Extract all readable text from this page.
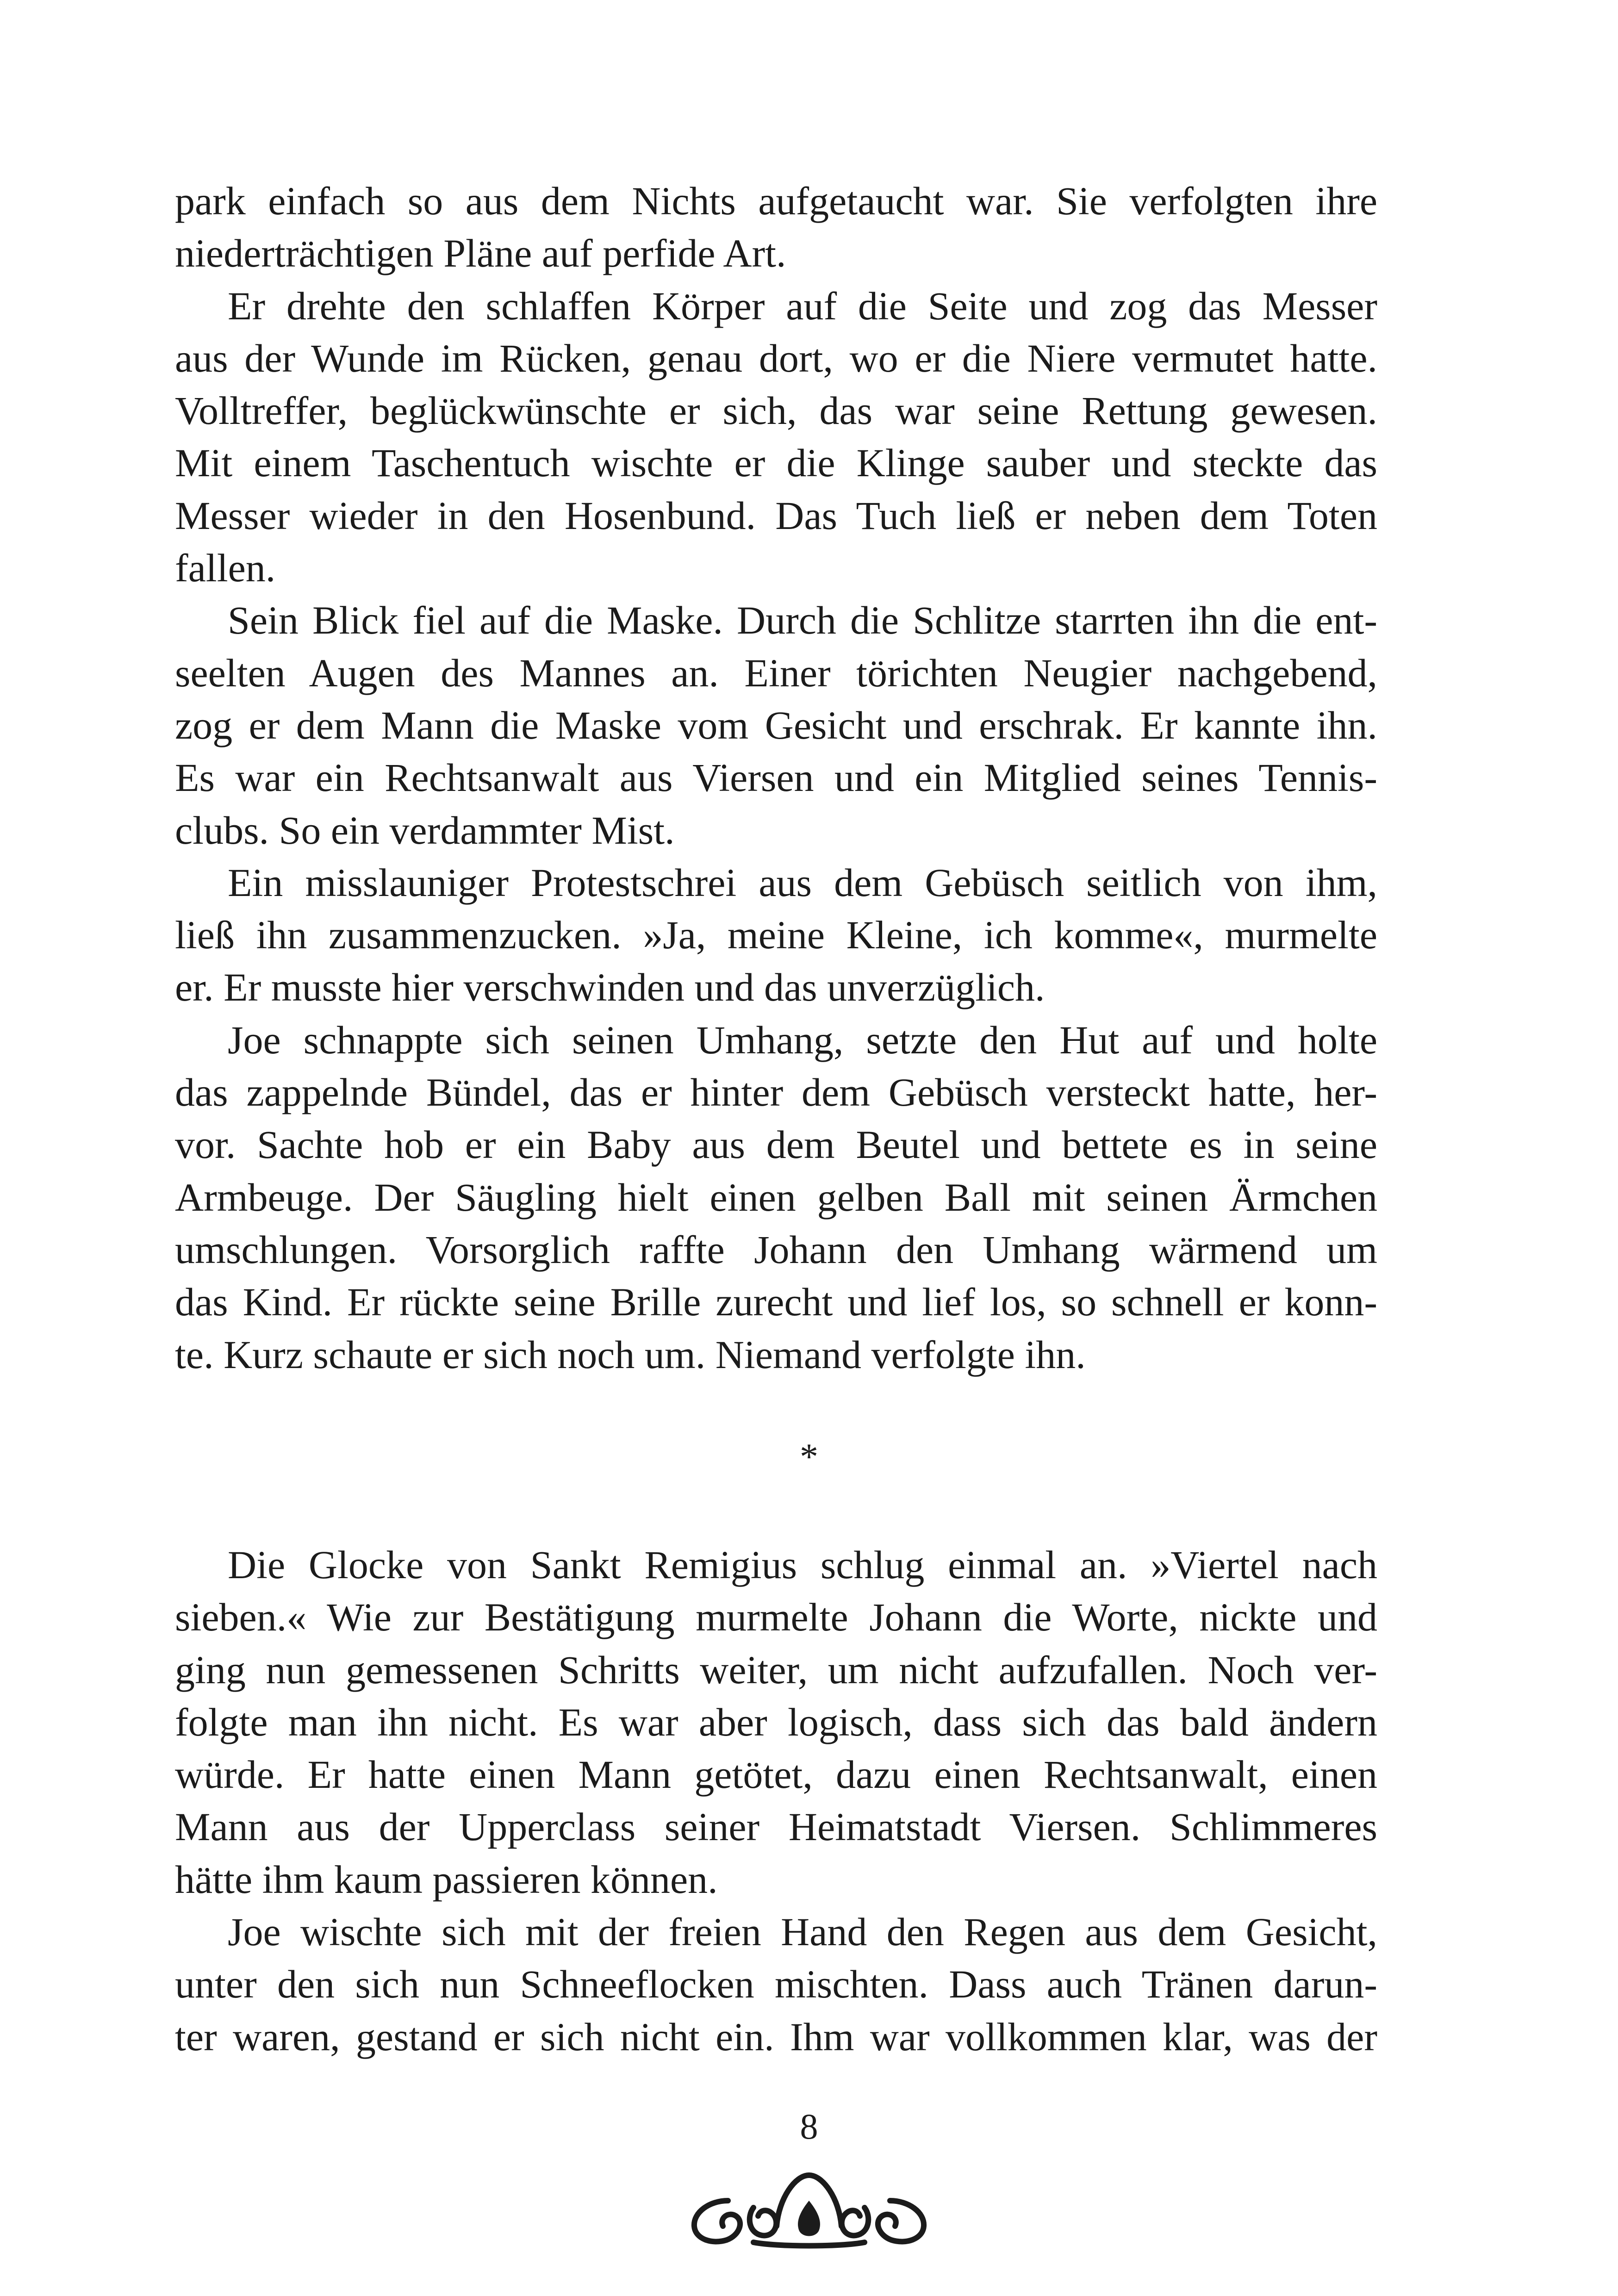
park einfach so aus dem Nichts aufgetaucht war. Sie verfolgten ihre

niederträchtigen Pläne auf perfide Art.

Er drehte den schlaffen Körper auf die Seite und zog das Messer

aus der Wunde im Rücken, genau dort, wo er die Niere vermutet hatte.

Volltreffer, beglückwünschte er sich, das war seine Rettung gewesen.

Mit einem Taschentuch wischte er die Klinge sauber und steckte das

Messer wieder in den Hosenbund. Das Tuch ließ er neben dem Toten

fallen.

Sein Blick fiel auf die Maske. Durch die Schlitze starrten ihn die ent-

seelten Augen des Mannes an. Einer törichten Neugier nachgebend,

zog er dem Mann die Maske vom Gesicht und erschrak. Er kannte ihn.

Es war ein Rechtsanwalt aus Viersen und ein Mitglied seines Tennis-

clubs. So ein verdammter Mist.

Ein misslauniger Protestschrei aus dem Gebüsch seitlich von ihm,

ließ ihn zusammenzucken. »Ja, meine Kleine, ich komme«, murmelte

er. Er musste hier verschwinden und das unverzüglich.

Joe schnappte sich seinen Umhang, setzte den Hut auf und holte

das zappelnde Bündel, das er hinter dem Gebüsch versteckt hatte, her-

vor. Sachte hob er ein Baby aus dem Beutel und bettete es in seine

Armbeuge. Der Säugling hielt einen gelben Ball mit seinen Ärmchen

umschlungen. Vorsorglich raffte Johann den Umhang wärmend um

das Kind. Er rückte seine Brille zurecht und lief los, so schnell er konn-

te. Kurz schaute er sich noch um. Niemand verfolgte ihn.

*

Die Glocke von Sankt Remigius schlug einmal an. »Viertel nach

sieben.« Wie zur Bestätigung murmelte Johann die Worte, nickte und

ging nun gemessenen Schritts weiter, um nicht aufzufallen. Noch ver-

folgte man ihn nicht. Es war aber logisch, dass sich das bald ändern

würde. Er hatte einen Mann getötet, dazu einen Rechtsanwalt, einen

Mann aus der Upperclass seiner Heimatstadt Viersen. Schlimmeres

hätte ihm kaum passieren können.

Joe wischte sich mit der freien Hand den Regen aus dem Gesicht,

unter den sich nun Schneeflocken mischten. Dass auch Tränen darun-

ter waren, gestand er sich nicht ein. Ihm war vollkommen klar, was der

8
